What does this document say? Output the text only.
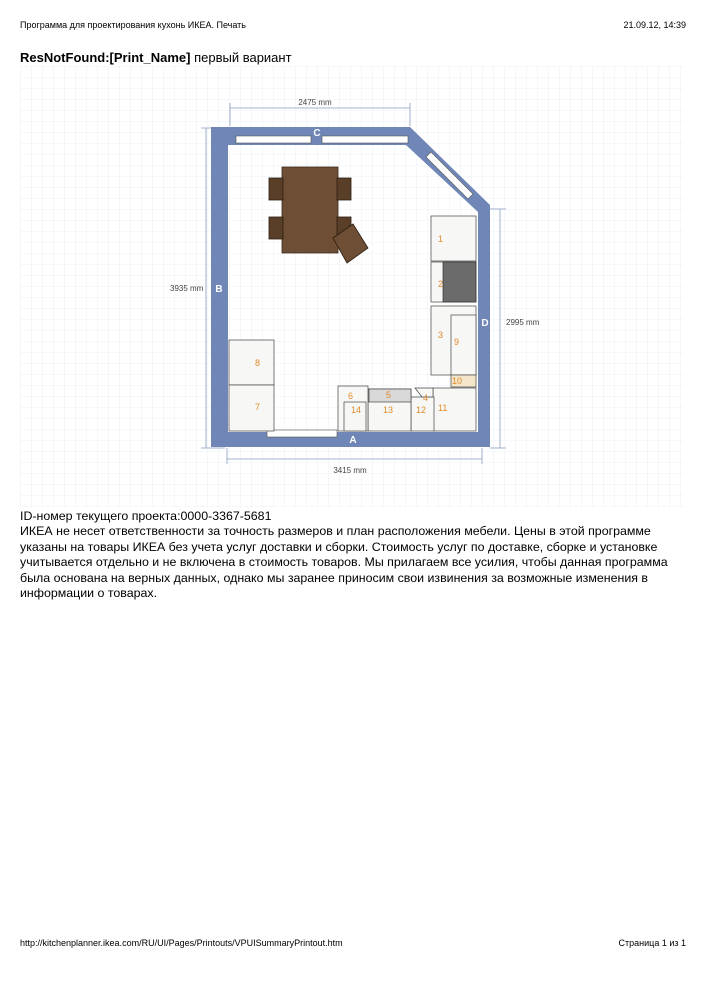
Программа для проектирования кухонь ИКЕА. Печать	21.09.12, 14:39
ResNotFound:[Print_Name] первый вариант
2475 mm
3935 mm
2995 mm
3415 mm
C
B
D
A
1
2
3
9
10
4
11
12
5
13
6
14
8
7

ID-номер текущего проекта:0000-3367-5681

ИКЕА не несет ответственности за точность размеров и план расположения мебели. Цены в этой программе указаны на товары ИКЕА без учета услуг доставки и сборки. Стоимость услуг по доставке, сборке и установке учитывается отдельно и не включена в стоимость товаров. Мы прилагаем все усилия, чтобы данная программа была основана на верных данных, однако мы заранее приносим свои извинения за возможные изменения в информации о товарах.

http://kitchenplanner.ikea.com/RU/UI/Pages/Printouts/VPUISummaryPrintout.htm	Страница 1 из 1
